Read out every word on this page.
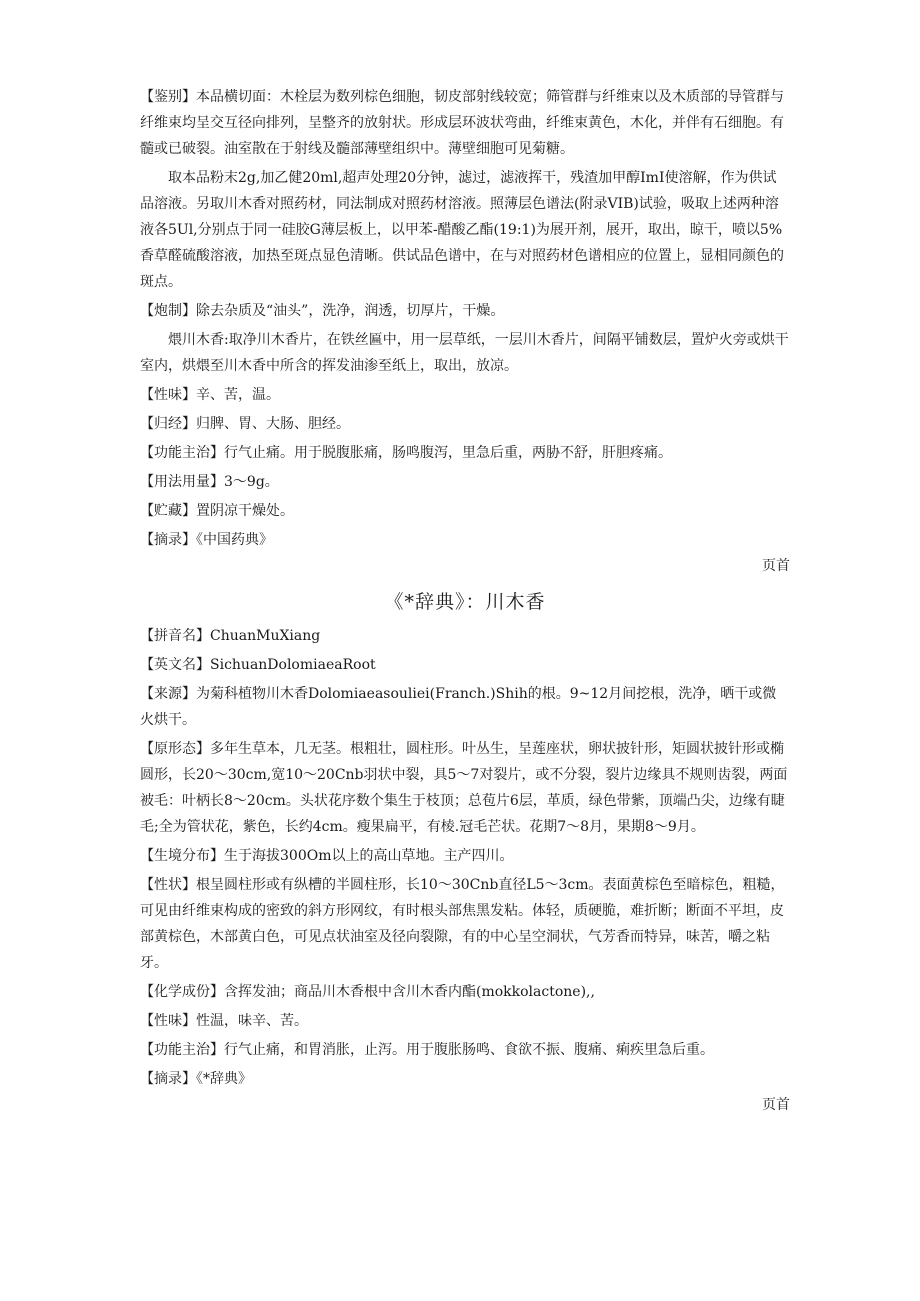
【鉴别】本品横切面：木栓层为数列棕色细胞，韧皮部射线较宽；筛管群与纤维束以及木质部的导管群与纤维束均呈交互径向排列，呈整齐的放射状。形成层环波状弯曲，纤维束黄色，木化，并伴有石细胞。有髓或已破裂。油室散在于射线及髓部薄壁组织中。薄壁细胞可见菊糖。

取本品粉末2g,加乙健20ml,超声处理20分钟，滤过，滤液挥干，残渣加甲醇ImI使溶解，作为供试品溶液。另取川木香对照药材，同法制成对照药材溶液。照薄层色谱法(附录VIB)试验，吸取上述两种溶液各5Ul,分别点于同一硅胶G薄层板上，以甲苯-醋酸乙酯(19:1)为展开剂，展开，取出，晾干，喷以5%香草醛硫酸溶液，加热至斑点显色清晰。供试品色谱中，在与对照药材色谱相应的位置上，显相同颜色的斑点。

【炮制】除去杂质及“油头”，洗净，润透，切厚片，干燥。

煨川木香:取净川木香片，在铁丝匾中，用一层草纸，一层川木香片，间隔平铺数层，置炉火旁或烘干室内，烘煨至川木香中所含的挥发油渗至纸上，取出，放凉。

【性味】辛、苦，温。

【归经】归脾、胃、大肠、胆经。

【功能主治】行气止痛。用于脱腹胀痛，肠鸣腹泻，里急后重，两胁不舒，肝胆疼痛。

【用法用量】3～9g。

【贮藏】置阴凉干燥处。

【摘录】《中国药典》

页首

《*辞典》：川木香

【拼音名】ChuanMuXiang

【英文名】SichuanDolomiaeaRoot

【来源】为菊科植物川木香Dolomiaeasouliei(Franch.)Shih的根。9~12月间挖根，洗净，晒干或微火烘干。

【原形态】多年生草本，几无茎。根粗壮，圆柱形。叶丛生，呈莲座状，卵状披针形，矩圆状披针形或椭圆形，长20～30cm,宽10～20Cnb羽状中裂，具5～7对裂片，或不分裂，裂片边缘具不规则齿裂，两面被毛：叶柄长8～20cm。头状花序数个集生于枝顶；总苞片6层，革质，绿色带紫，顶端凸尖，边缘有睫毛;全为管状花，紫色，长约4cm。瘦果扁平，有棱.冠毛芒状。花期7～8月，果期8～9月。

【生境分布】生于海拔300Om以上的高山草地。主产四川。

【性状】根呈圆柱形或有纵槽的半圆柱形，长10～30Cnb直径L5～3cm。表面黄棕色至暗棕色，粗糙，可见由纤维束构成的密致的斜方形网纹，有时根头部焦黑发粘。体轻，质硬脆，难折断；断面不平坦，皮部黄棕色，木部黄白色，可见点状油室及径向裂隙，有的中心呈空洞状，气芳香而特异，味苦，嚼之粘牙。

【化学成份】含挥发油；商品川木香根中含川木香内酯(mokkolactone),,

【性味】性温，味辛、苦。

【功能主治】行气止痛，和胃消胀，止泻。用于腹胀肠鸣、食欲不振、腹痛、痢疾里急后重。

【摘录】《*辞典》

页首
